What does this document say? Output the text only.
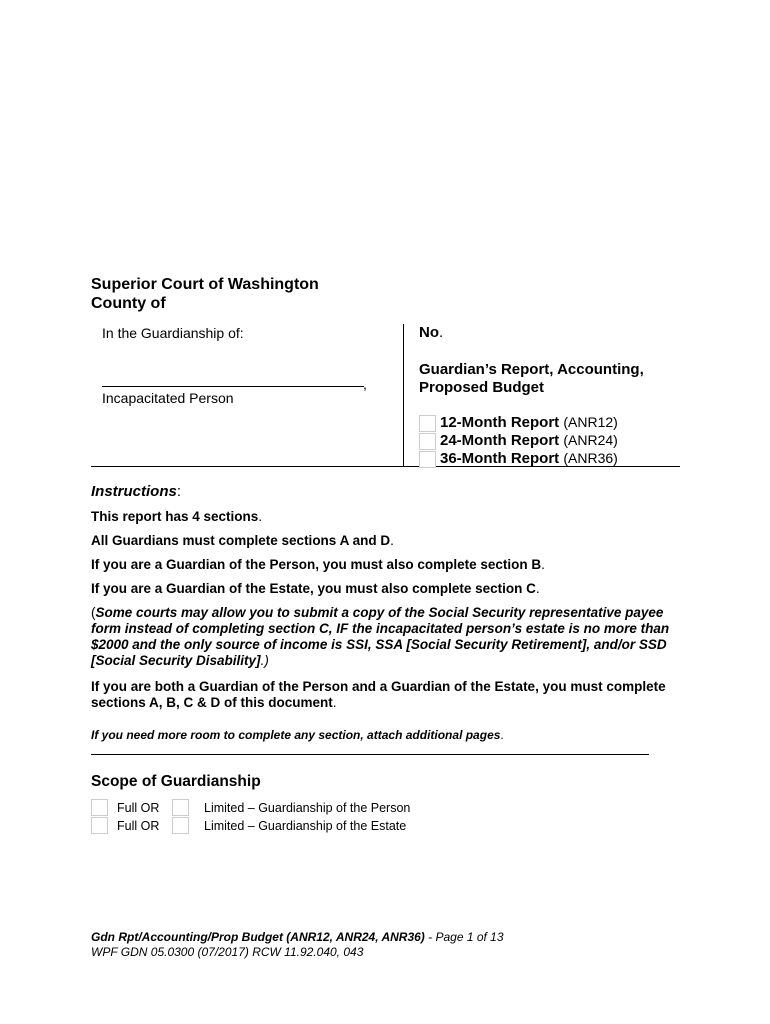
Superior Court of Washington
County of
In the Guardianship of:
,
Incapacitated Person
No.
Guardian’s Report, Accounting,
Proposed Budget
12-Month Report (ANR12)
24-Month Report (ANR24)
36-Month Report (ANR36)
Instructions:
This report has 4 sections.
All Guardians must complete sections A and D.
If you are a Guardian of the Person, you must also complete section B.
If you are a Guardian of the Estate, you must also complete section C.
(Some courts may allow you to submit a copy of the Social Security representative payee form instead of completing section C, IF the incapacitated person’s estate is no more than $2000 and the only source of income is SSI, SSA [Social Security Retirement], and/or SSD [Social Security Disability].)
If you are both a Guardian of the Person and a Guardian of the Estate, you must complete sections A, B, C & D of this document.
If you need more room to complete any section, attach additional pages.
Scope of Guardianship
Full OR	Limited – Guardianship of the Person
Full OR	Limited – Guardianship of the Estate
Gdn Rpt/Accounting/Prop Budget (ANR12, ANR24, ANR36) - Page 1 of 13
WPF GDN 05.0300 (07/2017) RCW 11.92.040, 043
